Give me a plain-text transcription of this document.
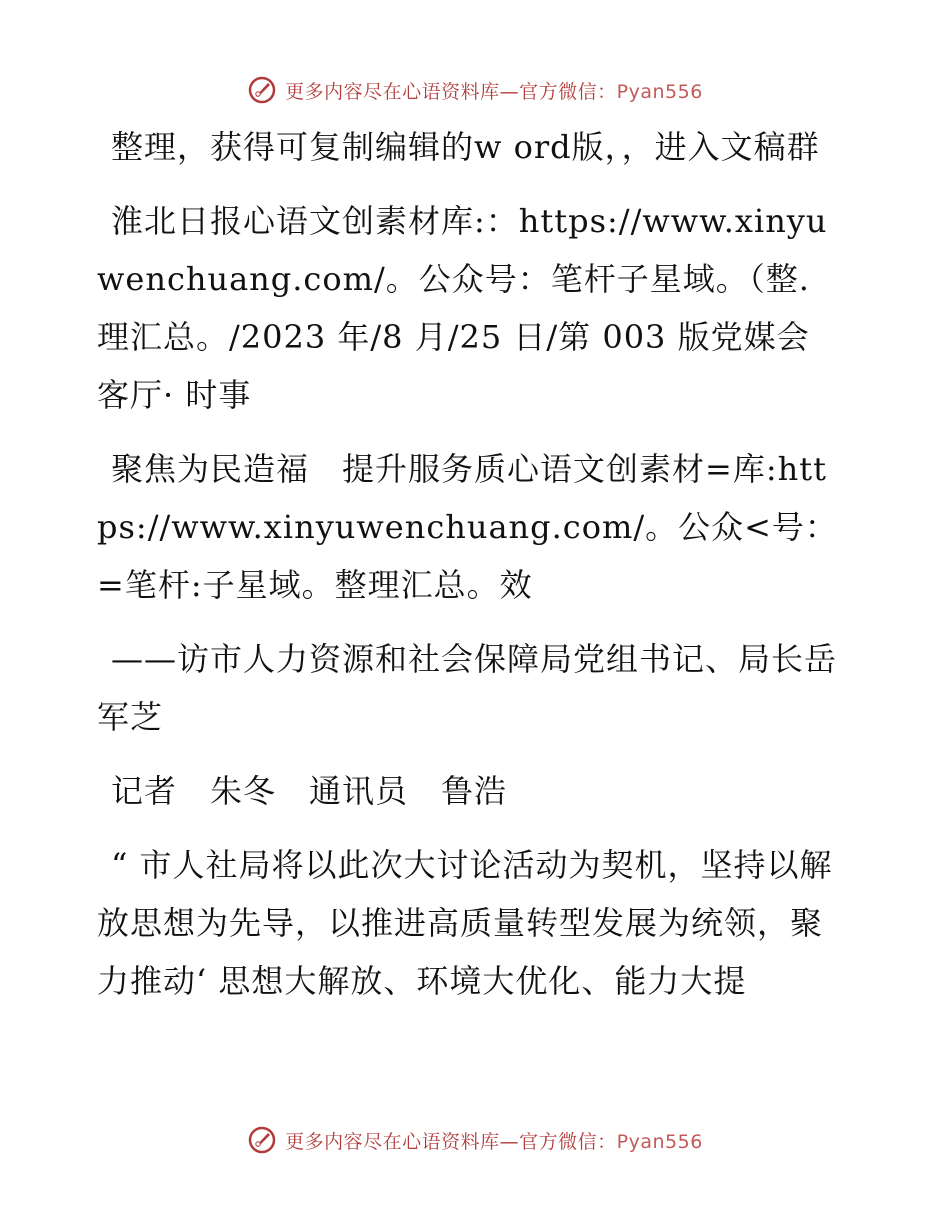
更多内容尽在心语资料库—官方微信：Pyan556

整理，获得可复制编辑的w ord版，，进入文稿群

淮北日报心语文创素材库:：https://www.xinyuwenchuang.com/。公众号：笔杆子星域。（整.理汇总。/2023 年/8 月/25 日/第 003 版党媒会客厅· 时事

聚焦为民造福　提升服务质心语文创素材=库:https://www.xinyuwenchuang.com/。公众<号：=笔杆:子星域。整理汇总。效

——访市人力资源和社会保障局党组书记、局长岳军芝

记者　朱冬　通讯员　鲁浩

“ 市人社局将以此次大讨论活动为契机，坚持以解放思想为先导，以推进高质量转型发展为统领，聚力推动‘ 思想大解放、环境大优化、能力大提

更多内容尽在心语资料库—官方微信：Pyan556
